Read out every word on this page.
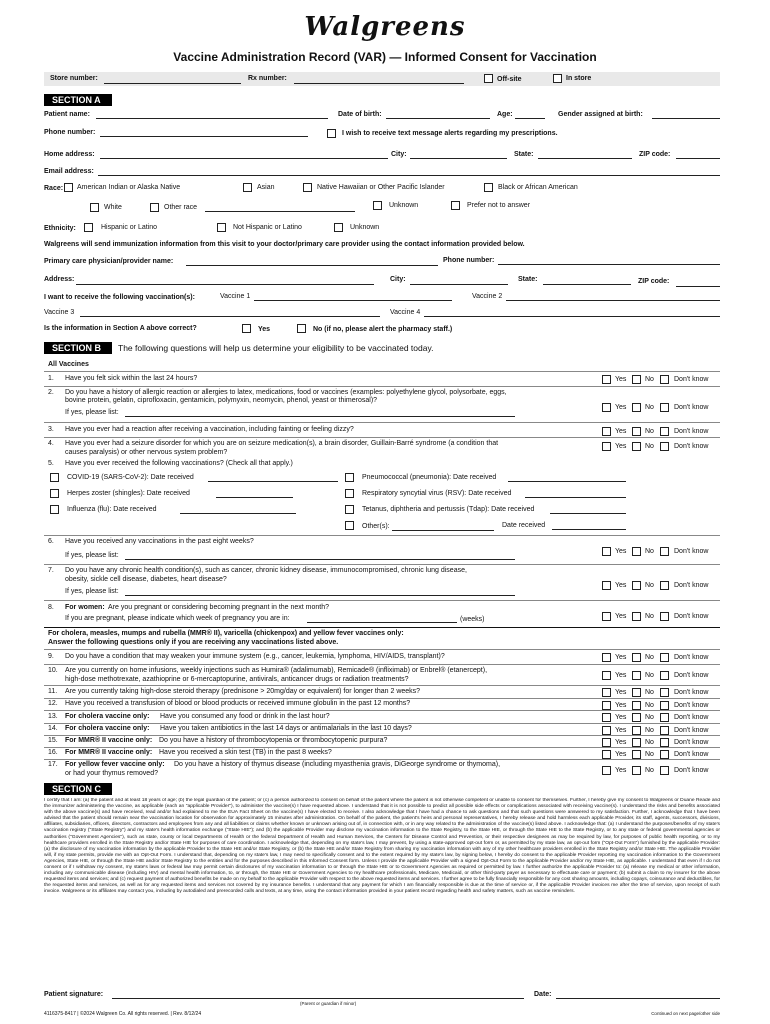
Walgreens
Vaccine Administration Record (VAR) — Informed Consent for Vaccination
Store number:	Rx number:	Off-site	In store
SECTION A
Patient name:	Date of birth:	Age:	Gender assigned at birth:
Phone number:	I wish to receive text message alerts regarding my prescriptions.
Home address:	City:	State:	ZIP code:
Email address:
Race: American Indian or Alaska Native	Asian	Native Hawaiian or Other Pacific Islander	Black or African American
White	Other race	Unknown	Prefer not to answer
Ethnicity:	Hispanic or Latino	Not Hispanic or Latino	Unknown
Walgreens will send immunization information from this visit to your doctor/primary care provider using the contact information provided below.
Primary care physician/provider name:	Phone number:
Address:	City:	State:	ZIP code:
I want to receive the following vaccination(s):	Vaccine 1	Vaccine 2
Vaccine 3	Vaccine 4
Is the information in Section A above correct?	Yes	No (if no, please alert the pharmacy staff.)
SECTION B	The following questions will help us determine your eligibility to be vaccinated today.
All Vaccines
1. Have you felt sick within the last 24 hours?	Yes	No	Don't know
2. Do you have a history of allergic reaction or allergies to latex, medications, food or vaccines (examples: polyethylene glycol, polysorbate, eggs,
bovine protein, gelatin, ciprofloxacin, gentamicin, polymyxin, neomycin, phenol, yeast or thimerosal)?
If yes, please list:
Yes	No	Don't know
3. Have you ever had a reaction after receiving a vaccination, including fainting or feeling dizzy?	Yes	No	Don't know
4. Have you ever had a seizure disorder for which you are on seizure medication(s), a brain disorder, Guillain-Barré syndrome (a condition that
causes paralysis) or other nervous system problem?
Yes	No	Don't know
5. Have you ever received the following vaccinations? (Check all that apply.)
COVID-19 (SARS-CoV-2): Date received
Herpes zoster (shingles): Date received
Influenza (flu): Date received
Pneumococcal (pneumonia): Date received
Respiratory syncytial virus (RSV): Date received
Tetanus, diphtheria and pertussis (Tdap): Date received
Other(s):	Date received
6. Have you received any vaccinations in the past eight weeks?
If yes, please list:
Yes	No	Don't know
7. Do you have any chronic health condition(s), such as cancer, chronic kidney disease, immunocompromised, chronic lung disease,
obesity, sickle cell disease, diabetes, heart disease?
If yes, please list:
Yes	No	Don't know
8. For women: Are you pregnant or considering becoming pregnant in the next month?
If you are pregnant, please indicate which week of pregnancy you are in:	(weeks)	Yes	No	Don't know
For cholera, measles, mumps and rubella (MMR® II), varicella (chickenpox) and yellow fever vaccines only:
Answer the following questions only if you are receiving any vaccinations listed above.
9. Do you have a condition that may weaken your immune system (e.g., cancer, leukemia, lymphoma, HIV/AIDS, transplant)?	Yes	No	Don't know
10. Are you currently on home infusions, weekly injections such as Humira® (adalimumab), Remicade® (infliximab) or Enbrel® (etanercept),
high-dose methotrexate, azathioprine or 6-mercaptopurine, antivirals, anticancer drugs or radiation treatments?
Yes	No	Don't know
11. Are you currently taking high-dose steroid therapy (prednisone > 20mg/day or equivalent) for longer than 2 weeks?	Yes	No	Don't know
12. Have you received a transfusion of blood or blood products or received immune globulin in the past 12 months?	Yes	No	Don't know
13. For cholera vaccine only: Have you consumed any food or drink in the last hour?	Yes	No	Don't know
14. For cholera vaccine only: Have you taken antibiotics in the last 14 days or antimalarials in the last 10 days?	Yes	No	Don't know
15. For MMR® II vaccine only: Do you have a history of thrombocytopenia or thrombocytopenic purpura?	Yes	No	Don't know
16. For MMR® II vaccine only: Have you received a skin test (TB) in the past 8 weeks?	Yes	No	Don't know
17. For yellow fever vaccine only: Do you have a history of thymus disease (including myasthenia gravis, DiGeorge syndrome or thymoma),
or had your thymus removed?	Yes	No	Don't know
SECTION C
I certify that I am: (a) the patient and at least 18 years of age; (b) the legal guardian of the patient; or (c) a person authorized to consent on behalf of the patient where the patient is not otherwise competent or unable to consent for themselves. Further, I hereby give my consent to Walgreens or Duane Reade and the immunizer administering the vaccine, as applicable (each an "applicable Provider"), to administer the vaccine(s) I have requested above. I understand that it is not possible to predict all possible side effects or complications associated with receiving vaccine(s). I understand the risks and benefits associated with the above vaccine(s) and have received, read and/or had explained to me the EUA Fact Sheet on the vaccine(s) I have elected to receive. I also acknowledge that I have had a chance to ask questions and that such questions were answered to my satisfaction. Further, I acknowledge that I have been advised that the patient should remain near the vaccination location for observation for approximately 15 minutes after administration. On behalf of the patient, the patient's heirs and personal representatives, I hereby release and hold harmless each applicable Provider, its staff, agents, successors, divisions, affiliates, subsidiaries, officers, directors, contractors and employees from any and all liabilities or claims whether known or unknown arising out of, in connection with, or in any way related to the administration of the vaccine(s) listed above. I acknowledge that: (a) I understand the purposes/benefits of my state's vaccination registry ("State Registry") and my state's health information exchange ("State HIE"); and (b) the applicable Provider may disclose my vaccination information to the State Registry, to the State HIE, or through the State HIE to the State Registry, or to any state or federal governmental agencies or authorities ("Government Agencies"), such as state, county or local Departments of Health or the federal Department of Health and Human Services, the Centers for Disease Control and Prevention, or their respective designees as may be required by law, for purposes of public health reporting, or to my healthcare providers enrolled in the State Registry and/or State HIE for purposes of care coordination. I acknowledge that, depending on my state's law, I may prevent, by using a state-approved opt-out form or, as permitted by my state law, an opt-out form ("Opt-Out Form") furnished by the applicable Provider: (a) the disclosure of my vaccination information by the applicable Provider to the State HIE and/or State Registry, or (b) the State HIE and/or State Registry from sharing my vaccination information with any of my other healthcare providers enrolled in the State Registry and/or State HIE. The applicable Provider will, if my state permits, provide me with an Opt-Out Form. I understand that, depending on my state's law, I may need to specifically consent and to the extent required by my state's law, by signing below, I hereby do consent to the applicable Provider reporting my vaccination information to the Government Agencies, State HIE, or through the State HIE and/or State Registry to the entities and for the purposes described in this Informed Consent form. Unless I provide the applicable Provider with a signed Opt-Out Form to the applicable Provider and/or my State HIE, as applicable. I understand that even if I do not consent or if I withdraw my consent, my state's laws or federal law may permit certain disclosures of my vaccination information to or through the State HIE or to Government Agencies as required or permitted by law. I further authorize the applicable Provider to: (a) release my medical or other information, including any communicable disease (including HIV) and mental health information, to, or through, the State HIE or Government Agencies to my healthcare professionals, Medicare, Medicaid, or other third-party payer as necessary to effectuate care or payment; (b) submit a claim to my insurer for the above requested items and services; and (c) request payment of authorized benefits be made on my behalf to the applicable Provider with respect to the above requested items and services. I further agree to be fully financially responsible for any cost sharing amounts, including copays, coinsurance and deductibles, for the requested items and services, as well as for any requested items and services not covered by my insurance benefits. I understand that any payment for which I am financially responsible is due at the time of service or, if the applicable Provider invoices me after the time of service, upon receipt of such invoice. Walgreens or its affiliates may contact you, including by autodialed and prerecorded calls and texts, at any time, using the contact information provided in your patient record regarding health and safety matters, such as vaccine reminders.
Patient signature:
(Parent or guardian if minor)
Date:
4116375-8417 | ©2024 Walgreen Co. All rights reserved. | Rev. 8/12/24	Continued on next page/other side
